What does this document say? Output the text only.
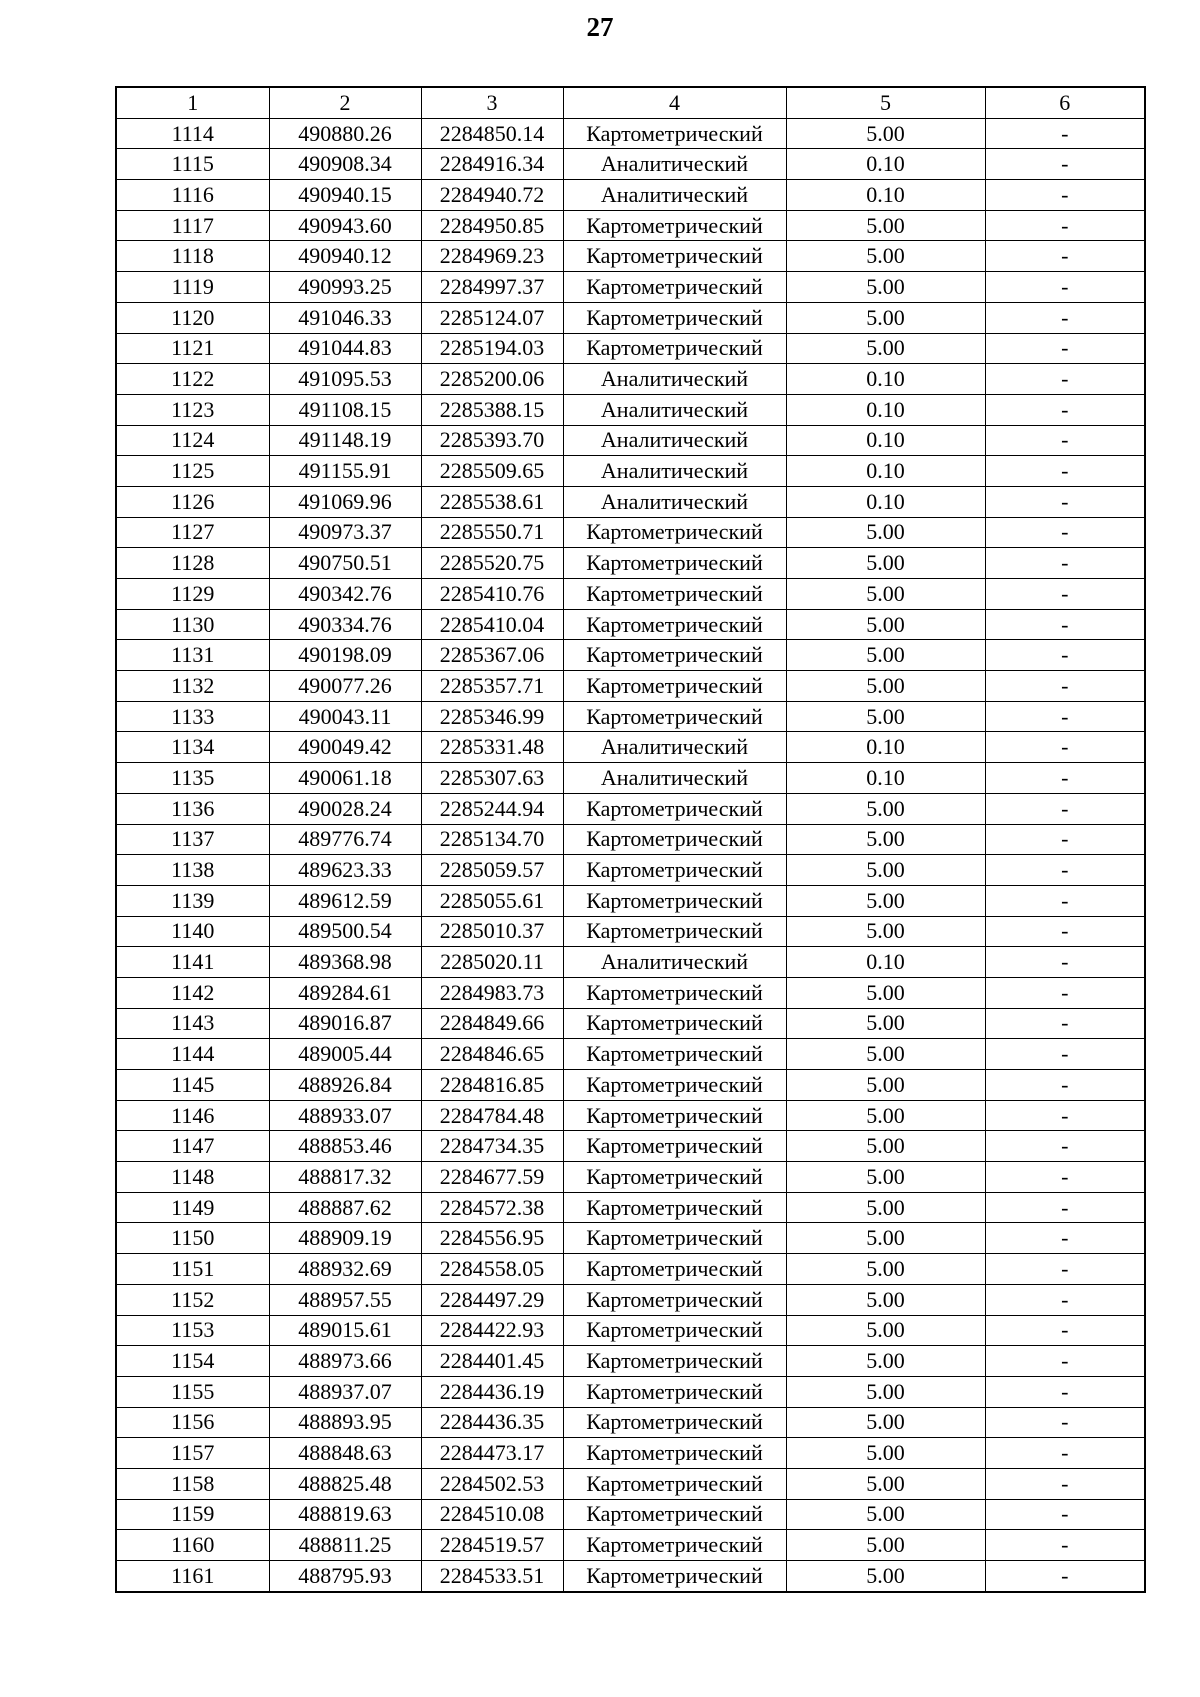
27
1	2	3	4	5	6
1114	490880.26	2284850.14	Картометрический	5.00	-
1115	490908.34	2284916.34	Аналитический	0.10	-
1116	490940.15	2284940.72	Аналитический	0.10	-
1117	490943.60	2284950.85	Картометрический	5.00	-
1118	490940.12	2284969.23	Картометрический	5.00	-
1119	490993.25	2284997.37	Картометрический	5.00	-
1120	491046.33	2285124.07	Картометрический	5.00	-
1121	491044.83	2285194.03	Картометрический	5.00	-
1122	491095.53	2285200.06	Аналитический	0.10	-
1123	491108.15	2285388.15	Аналитический	0.10	-
1124	491148.19	2285393.70	Аналитический	0.10	-
1125	491155.91	2285509.65	Аналитический	0.10	-
1126	491069.96	2285538.61	Аналитический	0.10	-
1127	490973.37	2285550.71	Картометрический	5.00	-
1128	490750.51	2285520.75	Картометрический	5.00	-
1129	490342.76	2285410.76	Картометрический	5.00	-
1130	490334.76	2285410.04	Картометрический	5.00	-
1131	490198.09	2285367.06	Картометрический	5.00	-
1132	490077.26	2285357.71	Картометрический	5.00	-
1133	490043.11	2285346.99	Картометрический	5.00	-
1134	490049.42	2285331.48	Аналитический	0.10	-
1135	490061.18	2285307.63	Аналитический	0.10	-
1136	490028.24	2285244.94	Картометрический	5.00	-
1137	489776.74	2285134.70	Картометрический	5.00	-
1138	489623.33	2285059.57	Картометрический	5.00	-
1139	489612.59	2285055.61	Картометрический	5.00	-
1140	489500.54	2285010.37	Картометрический	5.00	-
1141	489368.98	2285020.11	Аналитический	0.10	-
1142	489284.61	2284983.73	Картометрический	5.00	-
1143	489016.87	2284849.66	Картометрический	5.00	-
1144	489005.44	2284846.65	Картометрический	5.00	-
1145	488926.84	2284816.85	Картометрический	5.00	-
1146	488933.07	2284784.48	Картометрический	5.00	-
1147	488853.46	2284734.35	Картометрический	5.00	-
1148	488817.32	2284677.59	Картометрический	5.00	-
1149	488887.62	2284572.38	Картометрический	5.00	-
1150	488909.19	2284556.95	Картометрический	5.00	-
1151	488932.69	2284558.05	Картометрический	5.00	-
1152	488957.55	2284497.29	Картометрический	5.00	-
1153	489015.61	2284422.93	Картометрический	5.00	-
1154	488973.66	2284401.45	Картометрический	5.00	-
1155	488937.07	2284436.19	Картометрический	5.00	-
1156	488893.95	2284436.35	Картометрический	5.00	-
1157	488848.63	2284473.17	Картометрический	5.00	-
1158	488825.48	2284502.53	Картометрический	5.00	-
1159	488819.63	2284510.08	Картометрический	5.00	-
1160	488811.25	2284519.57	Картометрический	5.00	-
1161	488795.93	2284533.51	Картометрический	5.00	-
